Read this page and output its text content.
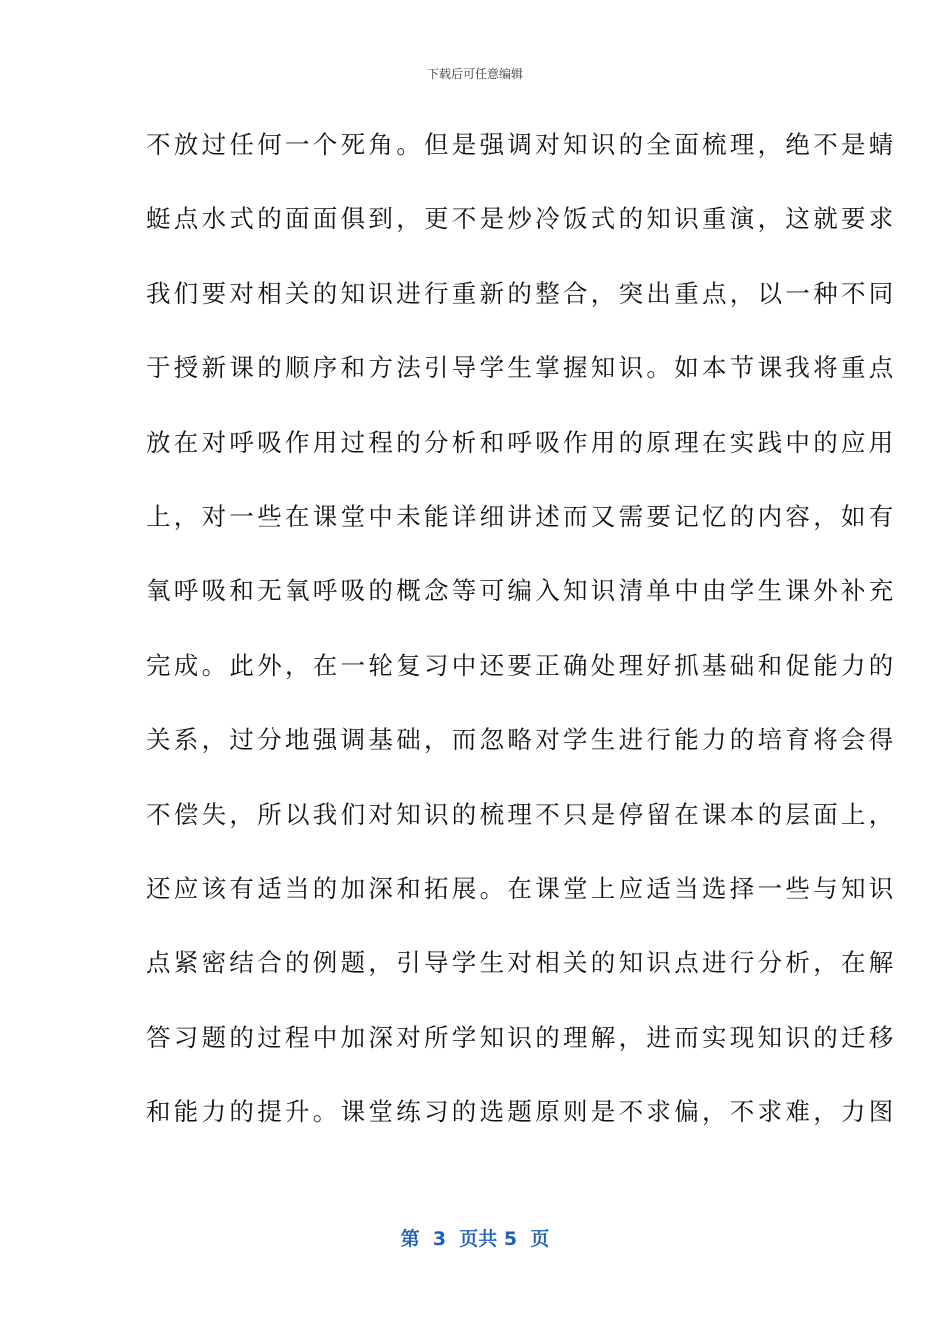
下载后可任意编辑
不放过任何一个死角。但是强调对知识的全面梳理，绝不是蜻
蜓点水式的面面俱到，更不是炒冷饭式的知识重演，这就要求
我们要对相关的知识进行重新的整合，突出重点，以一种不同
于授新课的顺序和方法引导学生掌握知识。如本节课我将重点
放在对呼吸作用过程的分析和呼吸作用的原理在实践中的应用
上，对一些在课堂中未能详细讲述而又需要记忆的内容，如有
氧呼吸和无氧呼吸的概念等可编入知识清单中由学生课外补充
完成。此外，在一轮复习中还要正确处理好抓基础和促能力的
关系，过分地强调基础，而忽略对学生进行能力的培育将会得
不偿失，所以我们对知识的梳理不只是停留在课本的层面上，
还应该有适当的加深和拓展。在课堂上应适当选择一些与知识
点紧密结合的例题，引导学生对相关的知识点进行分析，在解
答习题的过程中加深对所学知识的理解，进而实现知识的迁移
和能力的提升。课堂练习的选题原则是不求偏，不求难，力图
第  3  页共 5  页
